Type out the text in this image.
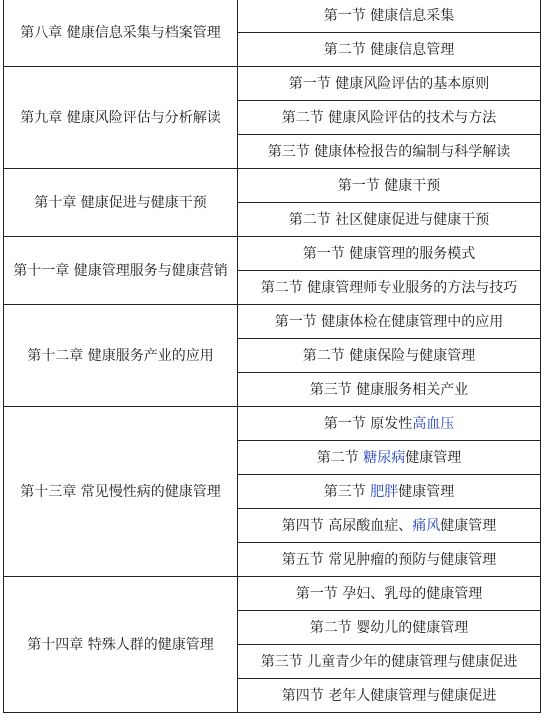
第八章 健康信息采集与档案管理	第一节 健康信息采集
	第二节 健康信息管理
第九章 健康风险评估与分析解读	第一节 健康风险评估的基本原则
	第二节 健康风险评估的技术与方法
	第三节 健康体检报告的编制与科学解读
第十章 健康促进与健康干预	第一节 健康干预
	第二节 社区健康促进与健康干预
第十一章 健康管理服务与健康营销	第一节 健康管理的服务模式
	第二节 健康管理师专业服务的方法与技巧
第十二章 健康服务产业的应用	第一节 健康体检在健康管理中的应用
	第二节 健康保险与健康管理
	第三节 健康服务相关产业
第十三章 常见慢性病的健康管理	第一节 原发性高血压
	第二节 糖尿病健康管理
	第三节 肥胖健康管理
	第四节 高尿酸血症、痛风健康管理
	第五节 常见肿瘤的预防与健康管理
第十四章 特殊人群的健康管理	第一节 孕妇、乳母的健康管理
	第二节 婴幼儿的健康管理
	第三节 儿童青少年的健康管理与健康促进
	第四节 老年人健康管理与健康促进
